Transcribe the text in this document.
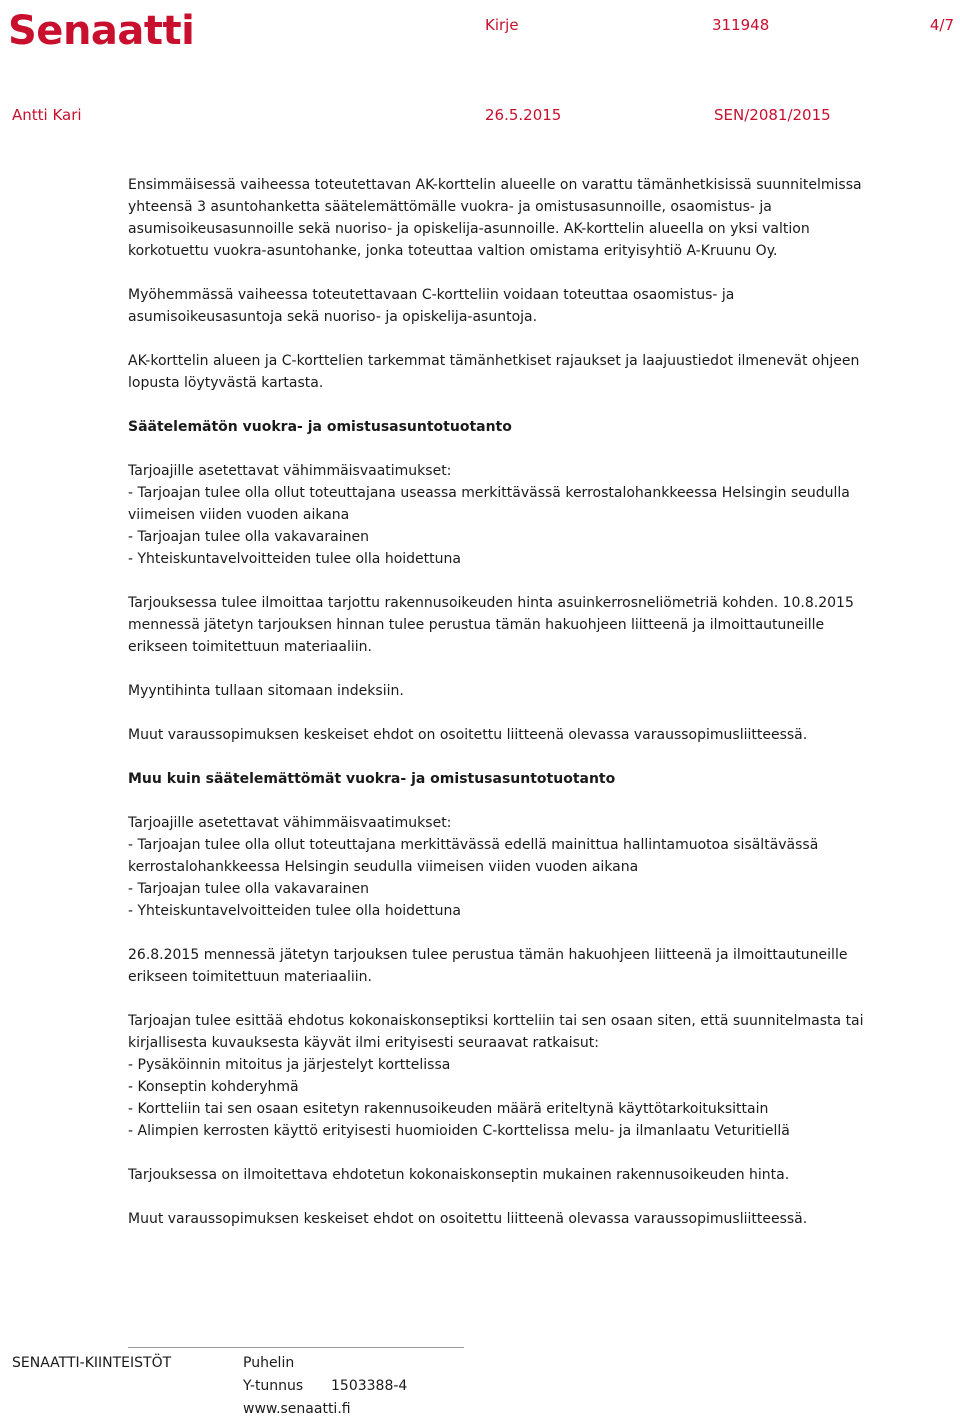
Senaatti	Kirje	311948	4/7
Antti Kari	26.5.2015	SEN/2081/2015

Ensimmäisessä vaiheessa toteutettavan AK-korttelin alueelle on varattu tämänhetkisissä suunnitelmissa yhteensä 3 asuntohanketta säätelemättömälle vuokra- ja omistusasunnoille, osaomistus- ja asumisoikeusasunnoille sekä nuoriso- ja opiskelija-asunnoille. AK-korttelin alueella on yksi valtion korkotuettu vuokra-asuntohanke, jonka toteuttaa valtion omistama erityisyhtiö A-Kruunu Oy.

Myöhemmässä vaiheessa toteutettavaan C-kortteliin voidaan toteuttaa osaomistus- ja asumisoikeusasuntoja sekä nuoriso- ja opiskelija-asuntoja.

AK-korttelin alueen ja C-korttelien tarkemmat tämänhetkiset rajaukset ja laajuustiedot ilmenevät ohjeen lopusta löytyvästä kartasta.

Säätelemätön vuokra- ja omistusasuntotuotanto

Tarjoajille asetettavat vähimmäisvaatimukset:
- Tarjoajan tulee olla ollut toteuttajana useassa merkittävässä kerrostalohankkeessa Helsingin seudulla viimeisen viiden vuoden aikana
- Tarjoajan tulee olla vakavarainen
- Yhteiskuntavelvoitteiden tulee olla hoidettuna

Tarjouksessa tulee ilmoittaa tarjottu rakennusoikeuden hinta asuinkerrosneliömetriä kohden. 10.8.2015 mennessä jätetyn tarjouksen hinnan tulee perustua tämän hakuohjeen liitteenä ja ilmoittautuneille erikseen toimitettuun materiaaliin.

Myyntihinta tullaan sitomaan indeksiin.

Muut varaussopimuksen keskeiset ehdot on osoitettu liitteenä olevassa varaussopimusliitteessä.

Muu kuin säätelemättömät vuokra- ja omistusasuntotuotanto

Tarjoajille asetettavat vähimmäisvaatimukset:
- Tarjoajan tulee olla ollut toteuttajana merkittävässä edellä mainittua hallintamuotoa sisältävässä kerrostalohankkeessa Helsingin seudulla viimeisen viiden vuoden aikana
- Tarjoajan tulee olla vakavarainen
- Yhteiskuntavelvoitteiden tulee olla hoidettuna

26.8.2015 mennessä jätetyn tarjouksen tulee perustua tämän hakuohjeen liitteenä ja ilmoittautuneille erikseen toimitettuun materiaaliin.

Tarjoajan tulee esittää ehdotus kokonaiskonseptiksi kortteliin tai sen osaan siten, että suunnitelmasta tai kirjallisesta kuvauksesta käyvät ilmi erityisesti seuraavat ratkaisut:
- Pysäköinnin mitoitus ja järjestelyt korttelissa
- Konseptin kohderyhmä
- Kortteliin tai sen osaan esitetyn rakennusoikeuden määrä eriteltynä käyttötarkoituksittain
- Alimpien kerrosten käyttö erityisesti huomioiden C-korttelissa melu- ja ilmanlaatu Veturitiellä

Tarjouksessa on ilmoitettava ehdotetun kokonaiskonseptin mukainen rakennusoikeuden hinta.

Muut varaussopimuksen keskeiset ehdot on osoitettu liitteenä olevassa varaussopimusliitteessä.

SENAATTI-KIINTEISTÖT	Puhelin
Y-tunnus 1503388-4
www.senaatti.fi
